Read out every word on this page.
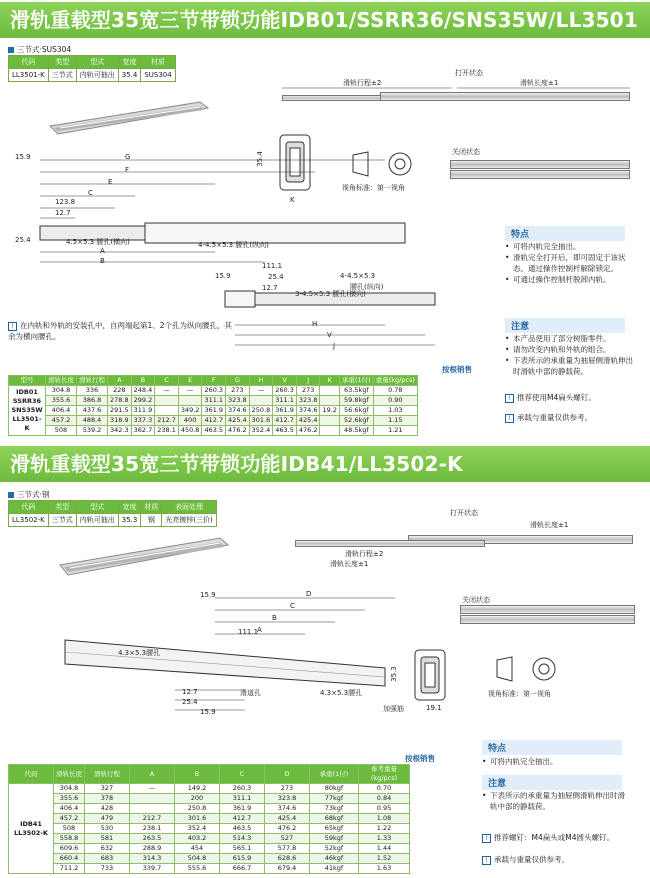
滑轨重载型35宽三节带锁功能IDB01/SSRR36/SNS35W/LL3501
三节式·SUS304
代码	类型	型式	宽度	材质
LL3501-K	三节式	内轨可抽出	35.4	SUS304	打开状态
滑轨行程±2	滑轨长度±1
35.4
K
视角标准：第一视角
关闭状态
15.9	G
F
E
C
123.8
12.7
25.4	4.5×5.3 腰孔(横向)	4-4.5×5.3 腰孔(纵向)
A
B
15.9
111.1
25.4
12.7
4-4.5×5.3
腰孔(纵向)
3-4.5×5.3 腰孔(横向)
H
V
J
! 在内轨和外轨的安装孔中，自两端起第1、2个孔为纵向腰孔，其余为横向腰孔。
按根销售
型号	滑轨长度	滑轨行程	A	B	C	E	F	G	H	V	J	K	承重(1付)	重量(kg/pcs)
IDB01 SSRR36 SNS35W LL3501-K	304.8	336	228	248.4	—	—	260.3	273	—	260.3	273		63.5kgf	0.78
	355.6	386.8	278.8	299.2			311.1	323.8		311.1	323.8		59.8kgf	0.90
	406.4	437.6	291.5	311.9		349.2	361.9	374.6	250.8	361.9	374.6	19.2	56.6kgf	1.03
	457.2	488.4	318.9	337.3	212.7	400	412.7	425.4	301.6	412.7	425.4		52.6kgf	1.15
	508	539.2	342.3	362.7	238.1	450.8	463.5	476.2	352.4	463.5	476.2		48.5kgf	1.21
特点
• 可将内轨完全抽出。
• 滑轨完全打开后，即可固定于该状态。通过操作控制杆解除锁定。
• 可通过操作控制杆脱卸内轨。
注意
• 本产品使用了部分树脂零件。
• 请勿改变内轨和外轨的组合。
• 下表所示的承重量为抽屉侧滑轨伸出时滑轨中部的静载荷。
! 推荐使用M4扁头螺钉。
! 承载与重量仅供参考。
滑轨重载型35宽三节带锁功能IDB41/LL3502-K
三节式·钢
代码	类型	型式	宽度	材质	表面处理
LL3502-K	三节式	内轨可抽出	35.3	钢	光亮镀锌(三价)
打开状态
滑轨长度±1
滑轨行程±2
滑轨长度±1
关闭状态
15.9	D
C
B
A
111.1
4.3×5.3腰孔
4.3×5.3腰孔
滑道孔
12.7
25.4
15.9
35.3
加强筋	19.1
视角标准：第一视角
按根销售
代码	滑轨长度	滑轨行程	A	B	C	D	承重(1付)	参考重量(kg/pcs)
IDB41 LL3502-K	304.8	327	—	149.2	260.3	273	80kgf	0.70
	355.6	378		200	311.1	323.8	77kgf	0.84
	406.4	428		250.8	361.9	374.6	73kgf	0.95
	457.2	479	212.7	301.6	412.7	425.4	68kgf	1.08
	508	530	238.1	352.4	463.5	476.2	65kgf	1.22
	558.8	581	263.5	403.2	514.3	527	59kgf	1.33
	609.6	632	288.9	454	565.1	577.8	52kgf	1.44
	660.4	683	314.3	504.8	615.9	628.6	46kgf	1.52
	711.2	733	339.7	555.6	666.7	679.4	41kgf	1.63
特点
• 可将内轨完全抽出。
注意
• 下表所示的承重量为抽屉侧滑轨伸出时滑轨中部的静载荷。
! 推荐螺钉：M4扁头或M4圆头螺钉。
! 承载与重量仅供参考。
